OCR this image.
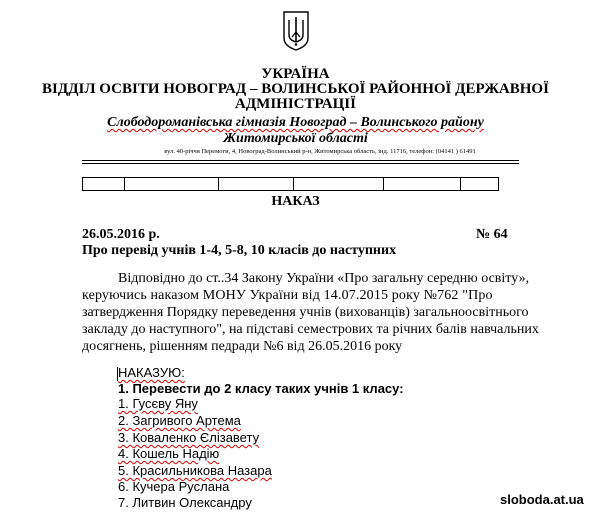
УКРАЇНА
ВІДДІЛ ОСВІТИ НОВОГРАД – ВОЛИНСЬКОЇ РАЙОННОЇ ДЕРЖАВНОЇ
АДМІНІСТРАЦІЇ
Слободороманівська гімназія Новоград – Волинського району
Житомирської області
вул. 40-річчя Перемоги, 4, Новоград-Волинський р-н, Житомирська область, інд. 11716, телефон: (04141 ) 61491
НАКАЗ
26.05.2016 р.	№ 64
Про перевід учнів 1-4, 5-8, 10 класів до наступних
Відповідно до ст..34 Закону України «Про загальну середню освіту»,
керуючись наказом МОНУ України від 14.07.2015 року №762 "Про
затвердження Порядку переведення учнів (вихованців) загальноосвітнього
закладу до наступного", на підставі семестрових та річних балів навчальних
досягнень, рішенням педради №6 від 26.05.2016 року
НАКАЗУЮ:
1. Перевести до 2 класу таких учнів 1 класу:
1. Гусєву Яну
2. Загривого Артема
3. Коваленко Єлізавету
4. Кошель Надію
5. Красильникова Назара
6. Кучера Руслана
7. Литвин Олександру	sloboda.at.ua
